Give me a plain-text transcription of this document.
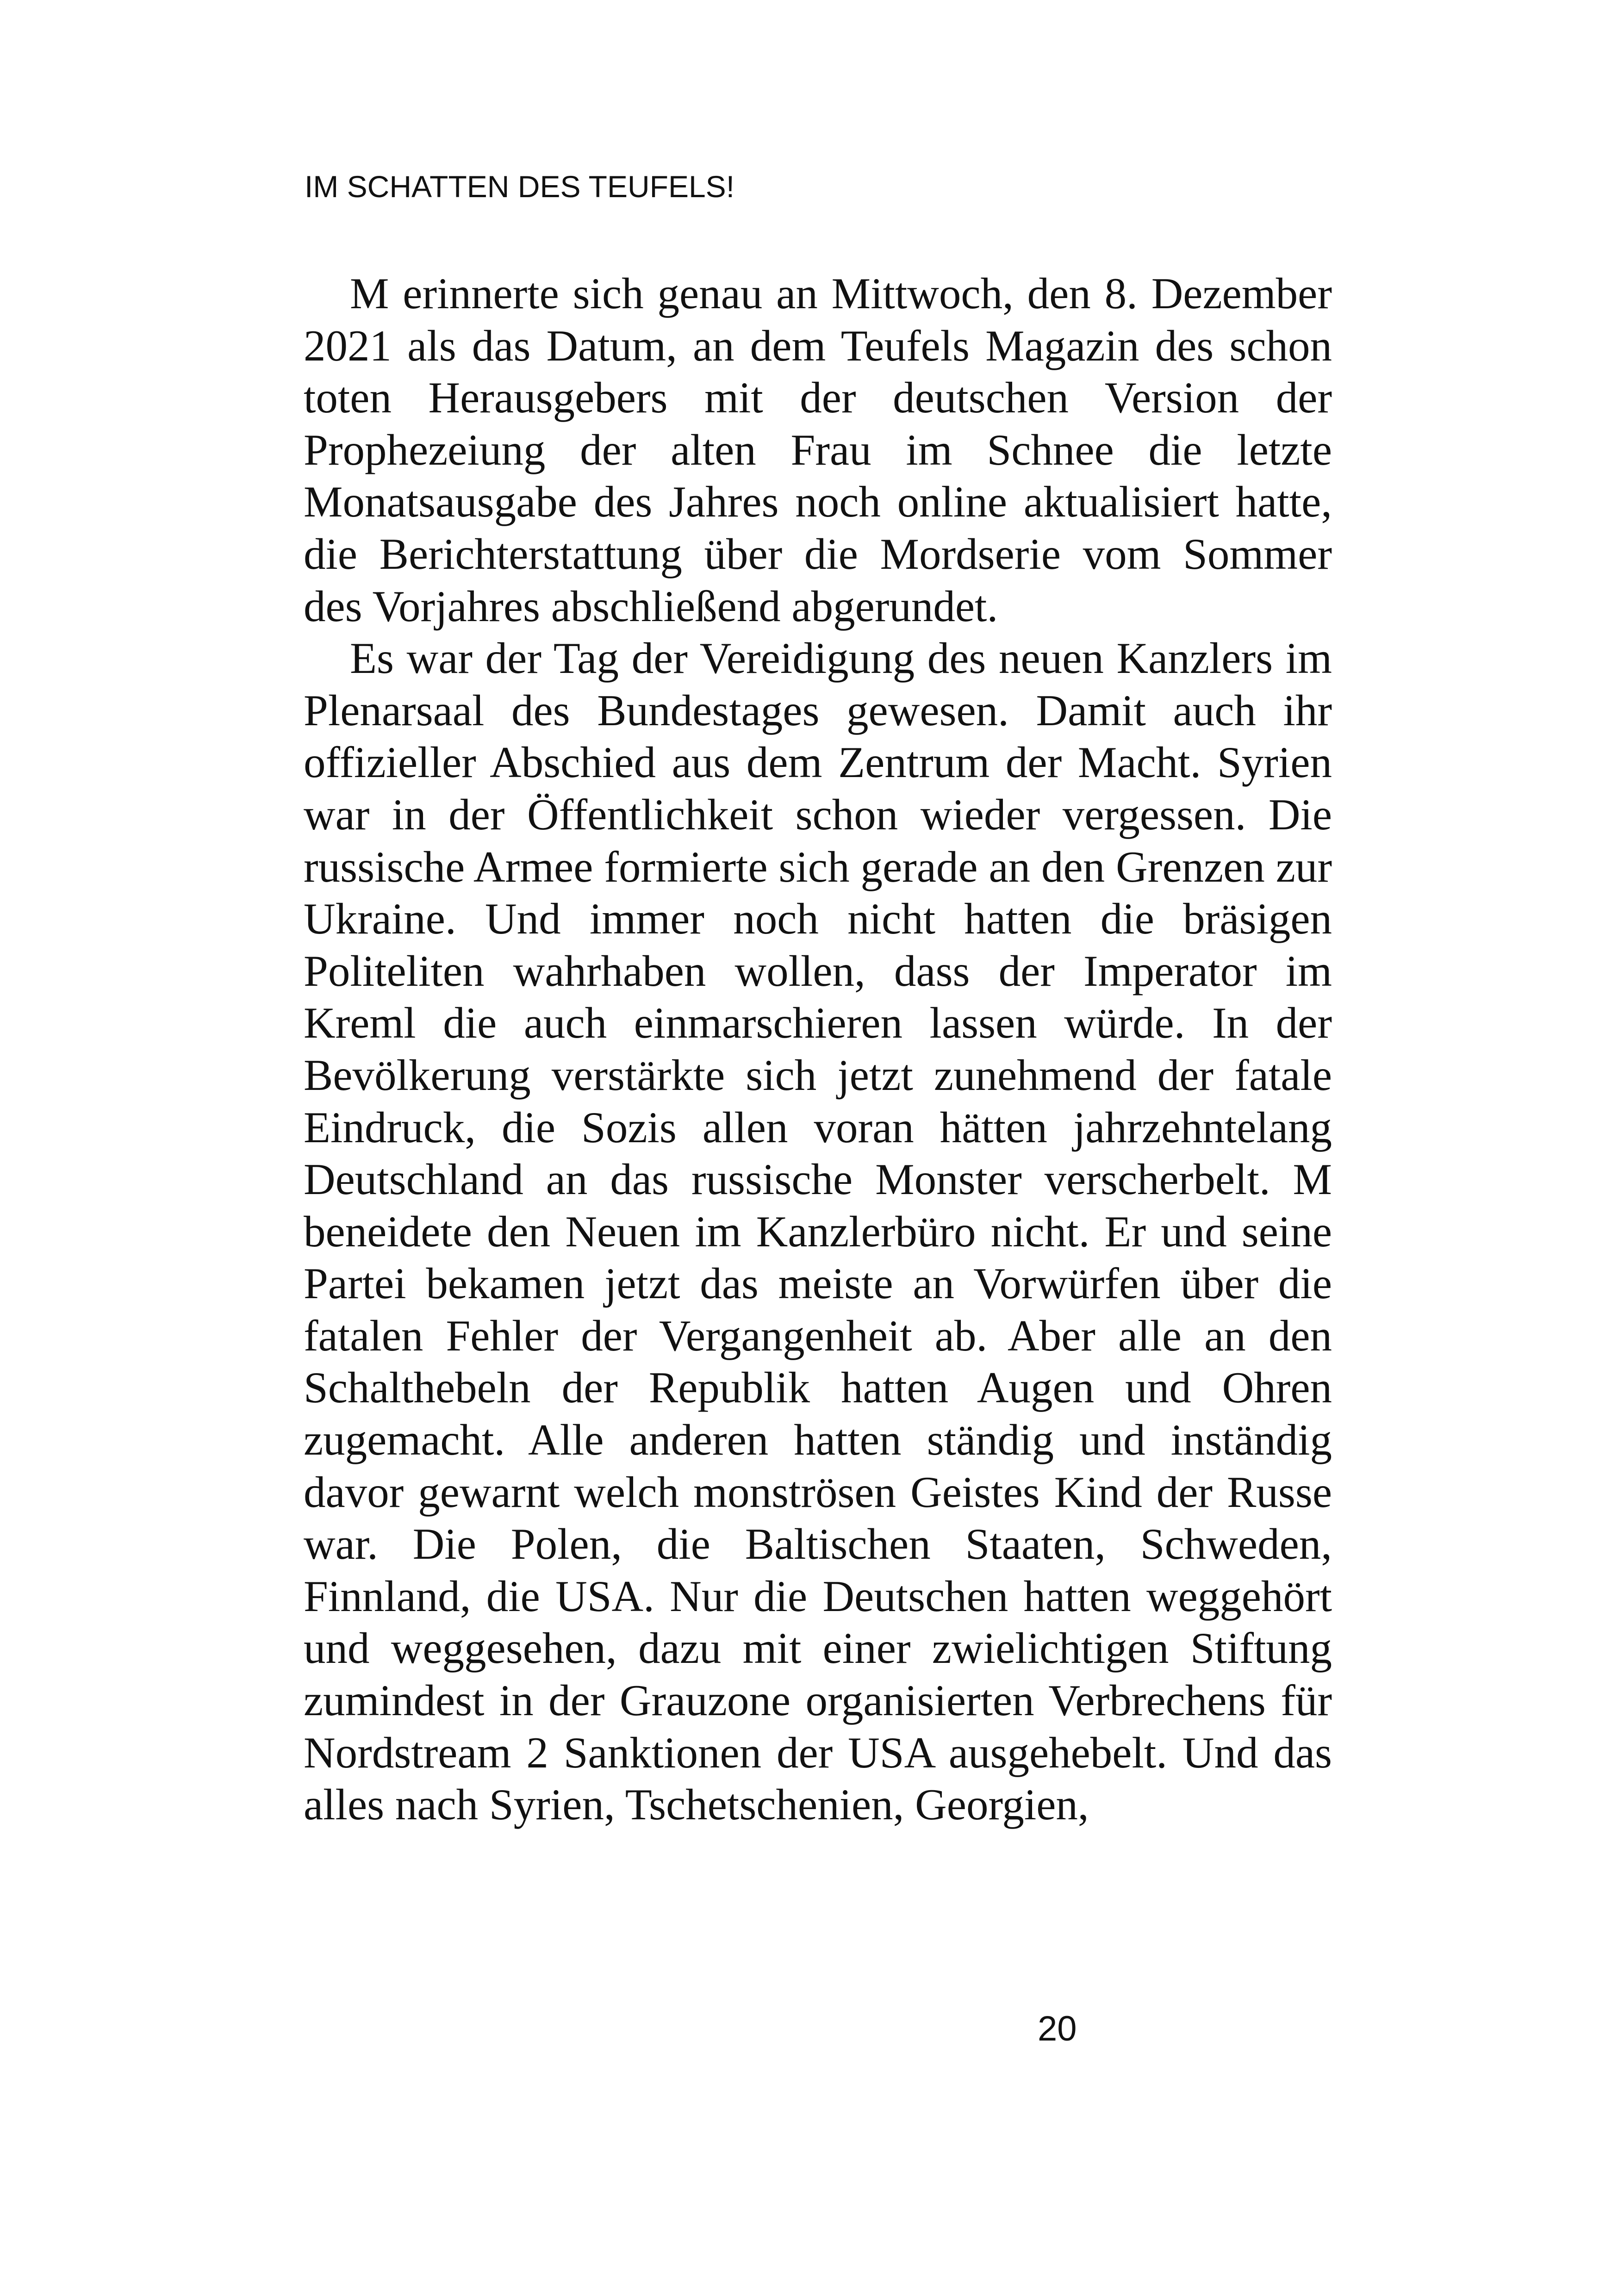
IM SCHATTEN DES TEUFELS!

M erinnerte sich genau an Mittwoch, den 8. Dezember 2021 als das Datum, an dem Teufels Magazin des schon toten Herausgebers mit der deutschen Version der Prophezeiung der alten Frau im Schnee die letzte Monatsausgabe des Jahres noch online aktualisiert hatte, die Berichterstattung über die Mordserie vom Sommer des Vorjahres abschließend abgerundet.

Es war der Tag der Vereidigung des neuen Kanzlers im Plenarsaal des Bundestages gewesen. Damit auch ihr offizieller Abschied aus dem Zentrum der Macht. Syrien war in der Öffentlichkeit schon wieder vergessen. Die russische Armee formierte sich gerade an den Grenzen zur Ukraine. Und immer noch nicht hatten die bräsigen Politeliten wahrhaben wollen, dass der Imperator im Kreml die auch einmarschieren lassen würde. In der Bevölkerung verstärkte sich jetzt zunehmend der fatale Eindruck, die Sozis allen voran hätten jahrzehntelang Deutschland an das russische Monster verscherbelt. M beneidete den Neuen im Kanzlerbüro nicht. Er und seine Partei bekamen jetzt das meiste an Vorwürfen über die fatalen Fehler der Vergangenheit ab. Aber alle an den Schalthebeln der Republik hatten Augen und Ohren zugemacht. Alle anderen hatten ständig und inständig davor gewarnt welch monströsen Geistes Kind der Russe war. Die Polen, die Baltischen Staaten, Schweden, Finnland, die USA. Nur die Deutschen hatten weggehört und weggesehen, dazu mit einer zwielichtigen Stiftung zumindest in der Grauzone organisierten Verbrechens für Nordstream 2 Sanktionen der USA ausgehebelt. Und das alles nach Syrien, Tschetschenien, Georgien,

20
